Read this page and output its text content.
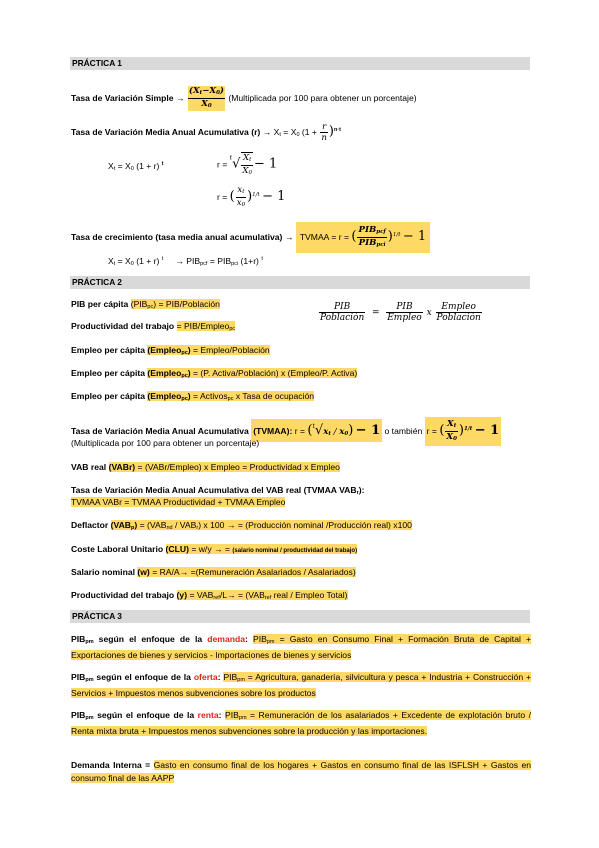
PRÁCTICA 1
Tasa de Variación Simple → $\frac{(X_t-X_0)}{X_0}$ (Multiplicada por 100 para obtener un porcentaje)
Tasa de Variación Media Anual Acumulativa $(r) \to X_t = X_0$ $(1 + \frac{r}{n} )^{n\cdot t}$
$X_t = X_0$ (1 + r) $^t$	$r = ^t√ \frac{X_t}{X_0} - 1$
r = ( $\frac{x_t}{x_0} )^{1/t} - 1$
Tasa de crecimiento (tasa media anual acumulativa) → TVMAA = r = ( $\frac{PIB_{pcf}}{PIB_{pci}} )^{1/t} - 1$
$X_t = X_0$ (1 + r) $^t$     → $PIB_{pcf} = PIB_{pci}$ (1+r) $^t$
PRÁCTICA 2
PIB per cápita $(PIB_{pc})$ = PIB/Población
Productividad del trabajo = PIB/Empleo$_{pc}$
$\frac{\text{PIB}}{\text{Población}} = \frac{\text{PIB}}{\text{Empleo}}$ x $\frac{\text{Empleo}}{\text{Población}}$
Empleo per cápita (Empleo$_{pc}$) = Empleo/Población
Empleo per cápita (Empleo$_{pc}$) = (P. Activa/Población) x (Empleo/P. Activa)
Empleo per cápita (Empleo$_{pc}$) = Activos$_{pc}$ x Tasa de ocupación
Tasa de Variación Media Anual Acumulativa (TVMAA): $r = (^t√x_t / x_0) - 1$ o también r = ( $\frac{X_t}{X_0} )^{1/t} - 1$
(Multiplicada por 100 para obtener un porcentaje)
VAB real (VABr) = (VABr/Empleo) x Empleo = Productividad x Empleo
Tasa de Variación Media Anual Acumulativa del VAB real (TVMAA $VAB_r$):
TVMAA VABr = TVMAA Productividad + TVMAA Empleo
Deflactor $(VAB_p) = (VAB_{nd} / VAB_r)$ x 100 → = (Producción nominal /Producción real) x100
Coste Laboral Unitario (CLU) = w/y → = (salario nominal / productividad del trabajo)
Salario nominal (w) = RA/A→ =(Remuneración Asalariados / Asalariados)
Productividad del trabajo $(y) = VAB_{ref}/L\to = (VAB_{ref}$ real / Empleo Total)
PRÁCTICA 3
$PIB_{pm}$ según el enfoque de la demanda: $PIB_{pm}$ = Gasto en Consumo Final + Formación Bruta de Capital + Exportaciones de bienes y servicios - Importaciones de bienes y servicios
$PIB_{pm}$ según el enfoque de la oferta: $PIB_{pm}$ = Agricultura, ganadería, silvicultura y pesca + Industria + Construcción + Servicios + Impuestos menos subvenciones sobre los productos
$PIB_{pm}$ según el enfoque de la renta: $PIB_{pm}$ = Remuneración de los asalariados + Excedente de explotación bruto / Renta mixta bruta + Impuestos menos subvenciones sobre la producción y las importaciones.
Demanda Interna = Gasto en consumo final de los hogares + Gastos en consumo final de las ISFLSH + Gastos en consumo final de las AAPP
